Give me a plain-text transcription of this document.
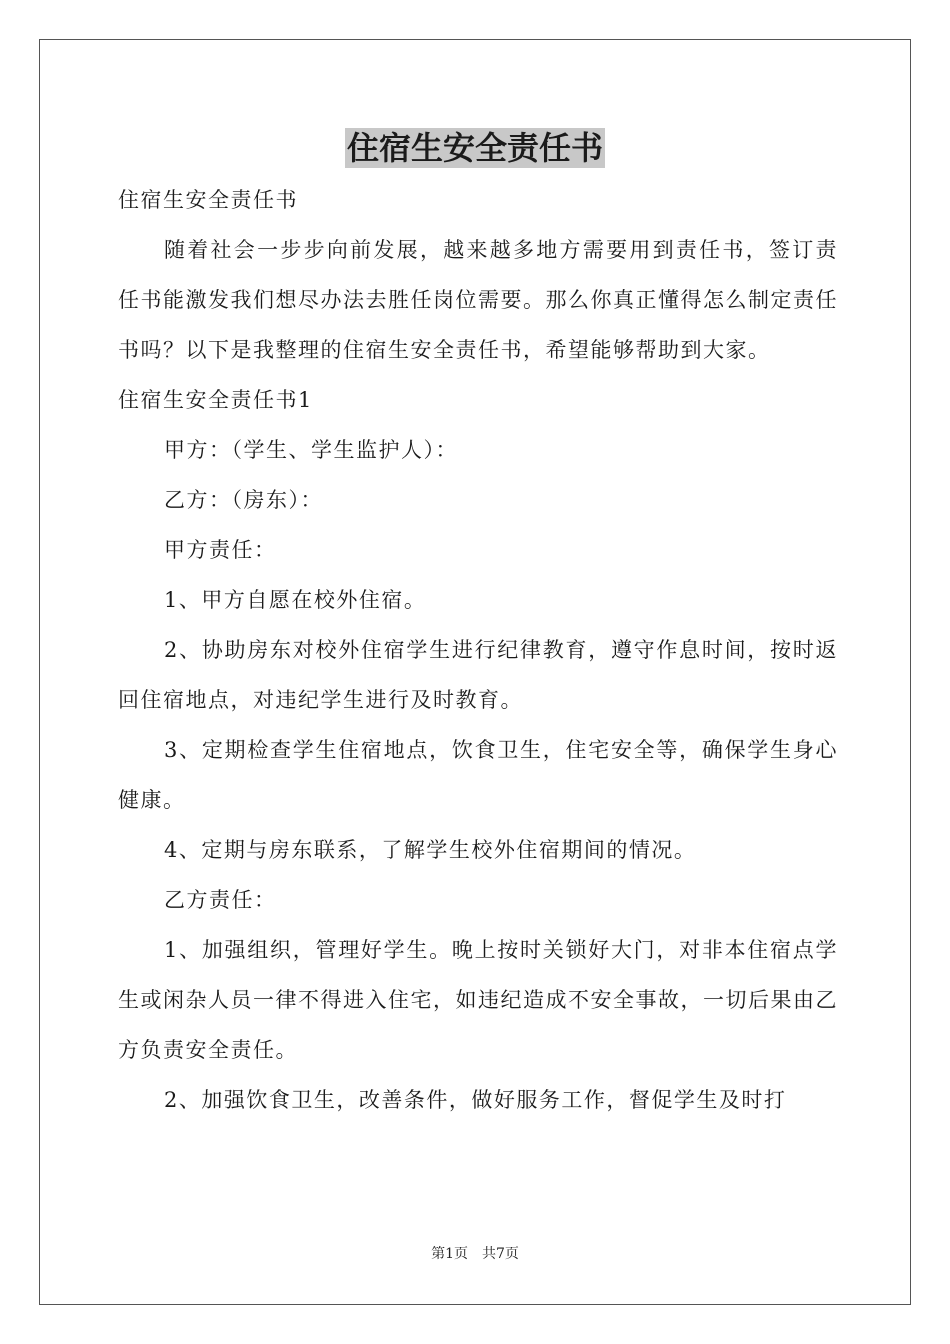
住宿生安全责任书

住宿生安全责任书

随着社会一步步向前发展，越来越多地方需要用到责任书，签订责任书能激发我们想尽办法去胜任岗位需要。那么你真正懂得怎么制定责任书吗？以下是我整理的住宿生安全责任书，希望能够帮助到大家。

住宿生安全责任书1

甲方：（学生、学生监护人）：

乙方：（房东）：

甲方责任：

1、甲方自愿在校外住宿。

2、协助房东对校外住宿学生进行纪律教育，遵守作息时间，按时返回住宿地点，对违纪学生进行及时教育。

3、定期检查学生住宿地点，饮食卫生，住宅安全等，确保学生身心健康。

4、定期与房东联系，了解学生校外住宿期间的情况。

乙方责任：

1、加强组织，管理好学生。晚上按时关锁好大门，对非本住宿点学生或闲杂人员一律不得进入住宅，如违纪造成不安全事故，一切后果由乙方负责安全责任。

2、加强饮食卫生，改善条件，做好服务工作，督促学生及时打

第1页 共7页
